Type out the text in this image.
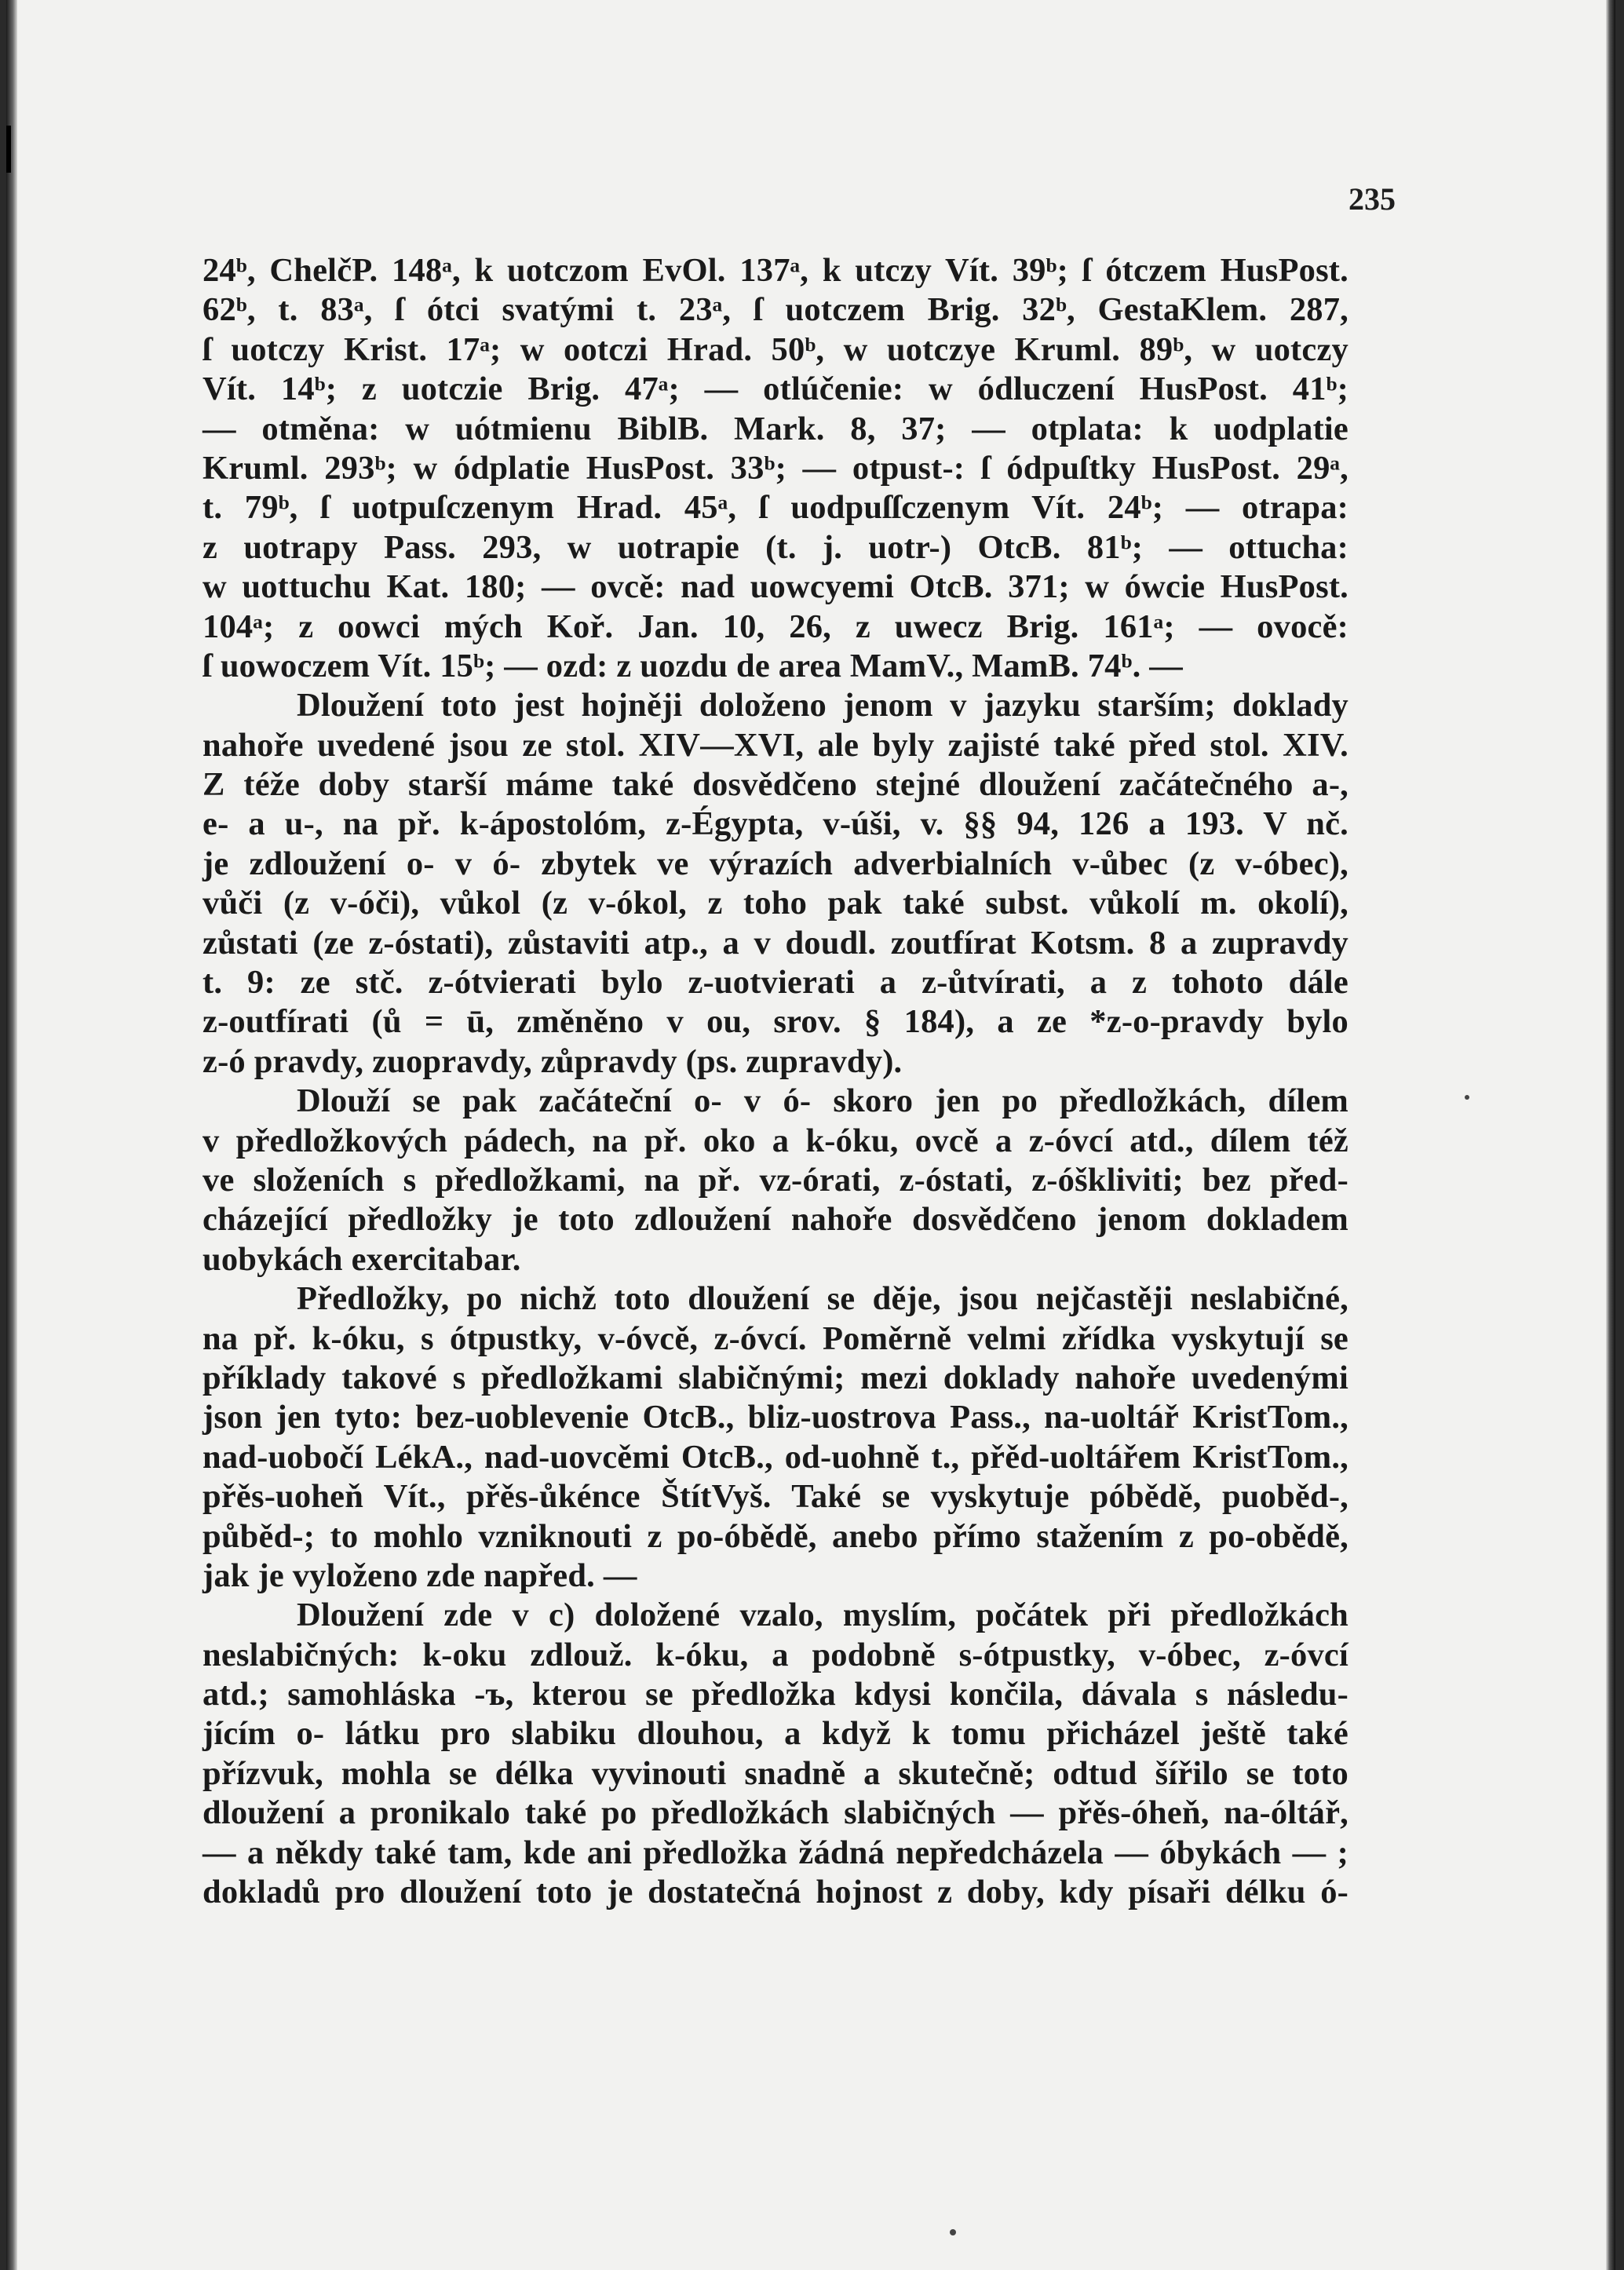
235
24ᵇ, ChelčP. 148ᵃ, k uotczom EvOl. 137ᵃ, k utczy Vít. 39ᵇ; ſ ótczem HusPost.
62ᵇ, t. 83ᵃ, ſ ótci svatými t. 23ᵃ, ſ uotczem Brig. 32ᵇ, GestaKlem. 287,
ſ uotczy Krist. 17ᵃ; w ootczi Hrad. 50ᵇ, w uotczye Kruml. 89ᵇ, w uotczy
Vít. 14ᵇ; z uotczie Brig. 47ᵃ; — otlúčenie: w ódluczení HusPost. 41ᵇ;
— otměna: w uótmienu BiblB. Mark. 8, 37; — otplata: k uodplatie
Kruml. 293ᵇ; w ódplatie HusPost. 33ᵇ; — otpust-: ſ ódpuſtky HusPost. 29ᵃ,
t. 79ᵇ, ſ uotpuſczenym Hrad. 45ᵃ, ſ uodpuſſczenym Vít. 24ᵇ; — otrapa:
z uotrapy Pass. 293, w uotrapie (t. j. uotr-) OtcB. 81ᵇ; — ottucha:
w uottuchu Kat. 180; — ovcě: nad uowcyemi OtcB. 371; w ówcie HusPost.
104ᵃ; z oowci mých Koř. Jan. 10, 26, z uwecz Brig. 161ᵃ; — ovocě:
ſ uowoczem Vít. 15ᵇ; — ozd: z uozdu de area MamV., MamB. 74ᵇ. —
Dloužení toto jest hojněji doloženo jenom v jazyku starším; doklady
nahoře uvedené jsou ze stol. XIV—XVI, ale byly zajisté také před stol. XIV.
Z téže doby starší máme také dosvědčeno stejné dloužení začátečného a-,
e- a u-, na př. k-ápostolóm, z-Égypta, v-úši, v. §§ 94, 126 a 193. V nč.
je zdloužení o- v ó- zbytek ve výrazích adverbialních v-ůbec (z v-óbec),
vůči (z v-óči), vůkol (z v-ókol, z toho pak také subst. vůkolí m. okolí),
zůstati (ze z-óstati), zůstaviti atp., a v doudl. zoutfírat Kotsm. 8 a zupravdy
t. 9: ze stč. z-ótvierati bylo z-uotvierati a z-ůtvírati, a z tohoto dále
z-outfírati (ů = ū, změněno v ou, srov. § 184), a ze *z-o-pravdy bylo
z-ó pravdy, zuopravdy, zůpravdy (ps. zupravdy).
Dlouží se pak začáteční o- v ó- skoro jen po předložkách, dílem
v předložkových pádech, na př. oko a k-óku, ovcě a z-óvcí atd., dílem též
ve složeních s předložkami, na př. vz-órati, z-óstati, z-óškliviti; bez před-
cházející předložky je toto zdloužení nahoře dosvědčeno jenom dokladem
uobykách exercitabar.
Předložky, po nichž toto dloužení se děje, jsou nejčastěji neslabičné,
na př. k-óku, s ótpustky, v-óvcě, z-óvcí. Poměrně velmi zřídka vyskytují se
příklady takové s předložkami slabičnými; mezi doklady nahoře uvedenými
json jen tyto: bez-uoblevenie OtcB., bliz-uostrova Pass., na-uoltář KristTom.,
nad-uobočí LékA., nad-uovcěmi OtcB., od-uohně t., přěd-uoltářem KristTom.,
přěs-uoheň Vít., přěs-ůkénce ŠtítVyš. Také se vyskytuje póbědě, puoběd-,
půběd-; to mohlo vzniknouti z po-óbědě, anebo přímo stažením z po-obědě,
jak je vyloženo zde napřed. —
Dloužení zde v c) doložené vzalo, myslím, počátek při předložkách
neslabičných: k-oku zdlouž. k-óku, a podobně s-ótpustky, v-óbec, z-óvcí
atd.; samohláska -ъ, kterou se předložka kdysi končila, dávala s následu-
jícím o- látku pro slabiku dlouhou, a když k tomu přicházel ještě také
přízvuk, mohla se délka vyvinouti snadně a skutečně; odtud šířilo se toto
dloužení a pronikalo také po předložkách slabičných — přěs-óheň, na-óltář,
— a někdy také tam, kde ani předložka žádná nepředcházela — óbykách — ;
dokladů pro dloužení toto je dostatečná hojnost z doby, kdy písaři délku ó-
